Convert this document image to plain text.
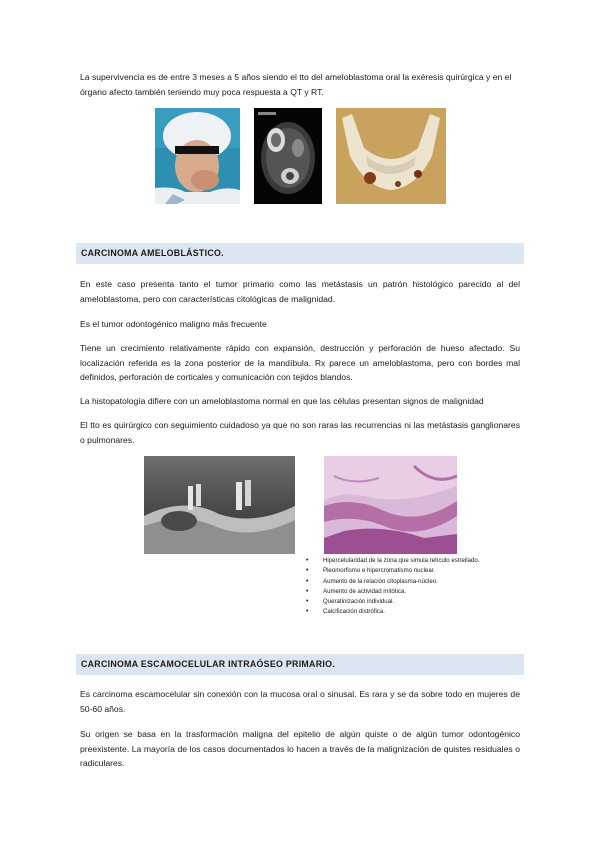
La supervivencia es de entre 3 meses a 5 años siendo el tto del ameloblastoma oral la exéresis quirúrgica y en el órgano afecto también teniendo muy poca respuesta a QT y RT.

CARCINOMA AMELOBLÁSTICO.

En este caso presenta tanto el tumor primario como las metástasis un patrón histológico parecido al del ameloblastoma, pero con características citológicas de malignidad.

Es el tumor odontogénico maligno más frecuente

Tiene un crecimiento relativamente rápido con expansión, destrucción y perforación de hueso afectado. Su localización referida es la zona posterior de la mandíbula. Rx parece un ameloblastoma, pero con bordes mal definidos, perforación de corticales y comunicación con tejidos blandos.

La histopatología difiere con un ameloblastoma normal en que las células presentan signos de malignidad

El tto es quirúrgico con seguimiento cuidadoso ya que no son raras las recurrencias ni las metástasis ganglionares o pulmonares.

• Hipercelularidad de la zona que simula retículo estrellado.
• Pleomorfismo e hipercromatismo nuclear.
• Aumento de la relación citoplasma-núcleo.
• Aumento de actividad mitótica.
• Queratinización individual.
• Calcificación distrófica.
CARCINOMA ESCAMOCELULAR INTRAÓSEO PRIMARIO.

Es carcinoma escamocelular sin conexión con la mucosa oral o sinusal. Es rara y se da sobre todo en mujeres de 50-60 años.

Su origen se basa en la trasformación maligna del epitelio de algún quiste o de algún tumor odontogénico preexistente. La mayoría de los casos documentados lo hacen a través de la malignización de quistes residuales o radiculares.
